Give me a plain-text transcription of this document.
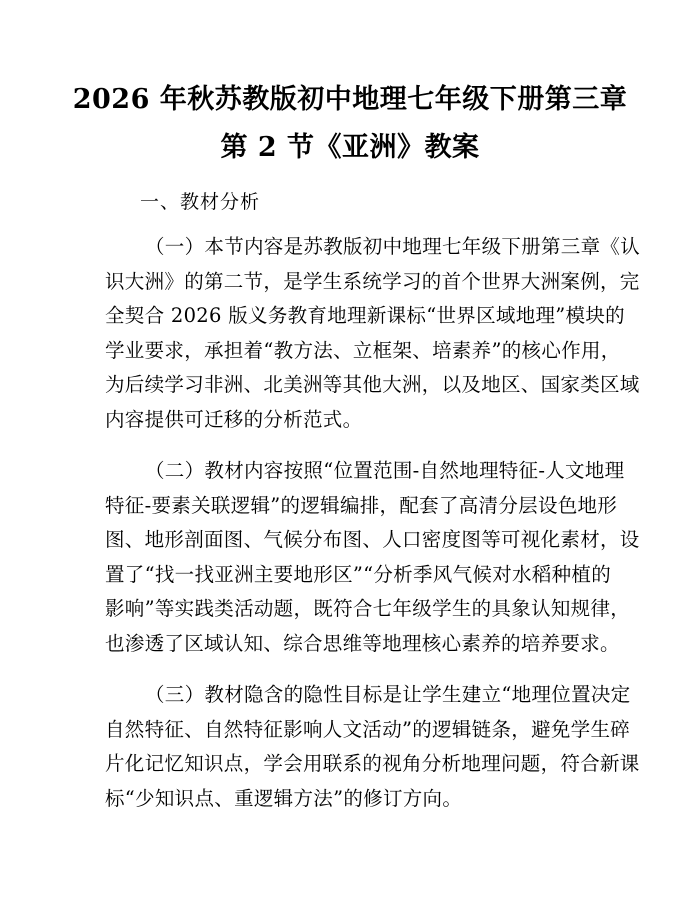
2026 年秋苏教版初中地理七年级下册第三章
第 2 节《亚洲》教案
一、教材分析
（一）本节内容是苏教版初中地理七年级下册第三章《认
识大洲》的第二节，是学生系统学习的首个世界大洲案例，完
全契合 2026 版义务教育地理新课标“世界区域地理”模块的
学业要求，承担着“教方法、立框架、培素养”的核心作用，
为后续学习非洲、北美洲等其他大洲，以及地区、国家类区域
内容提供可迁移的分析范式。
（二）教材内容按照“位置范围-自然地理特征-人文地理
特征-要素关联逻辑”的逻辑编排，配套了高清分层设色地形
图、地形剖面图、气候分布图、人口密度图等可视化素材，设
置了“找一找亚洲主要地形区”“分析季风气候对水稻种植的
影响”等实践类活动题，既符合七年级学生的具象认知规律，
也渗透了区域认知、综合思维等地理核心素养的培养要求。
（三）教材隐含的隐性目标是让学生建立“地理位置决定
自然特征、自然特征影响人文活动”的逻辑链条，避免学生碎
片化记忆知识点，学会用联系的视角分析地理问题，符合新课
标“少知识点、重逻辑方法”的修订方向。
